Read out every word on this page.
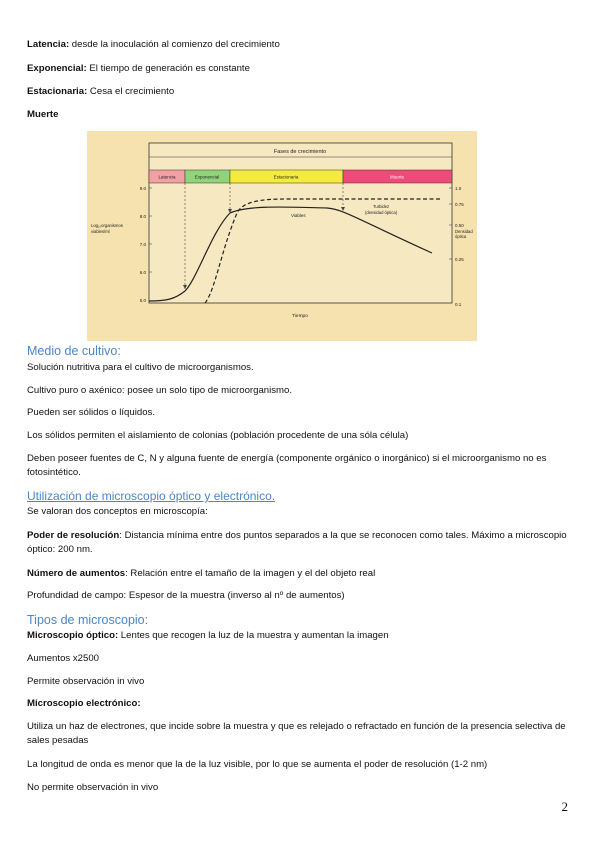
Latencia: desde la inoculación al comienzo del crecimiento

Exponencial: El tiempo de generación es constante

Estacionaria: Cesa el crecimiento

Muerte

Fases de crecimiento
Latencia	Exponencial	Estacionaria	Muerte
9.0
8.0
7.0
6.0
5.0
Log₁₀organismos
viables/ml
1.0
0.75
0.50
0.25
0.1
Densidad
óptica
Viables
Turbidez
(densidad óptica)
Tiempo

Medio de cultivo:

Solución nutritiva para el cultivo de microorganismos.

Cultivo puro o axénico: posee un solo tipo de microorganismo.

Pueden ser sólidos o líquidos.

Los sólidos permiten el aislamiento de colonias (población procedente de una sóla célula)

Deben poseer fuentes de C, N y alguna fuente de energía (componente orgánico o inorgánico) si el microorganismo no es fotosintético.

Utilización de microscopio óptico y electrónico.

Se valoran dos conceptos en microscopía:

Poder de resolución: Distancia mínima entre dos puntos separados a la que se reconocen como tales. Máximo a microscopio óptico: 200 nm.

Número de aumentos: Relación entre el tamaño de la imagen y el del objeto real

Profundidad de campo: Espesor de la muestra (inverso al nº de aumentos)

Tipos de microscopio:

Microscopio óptico: Lentes que recogen la luz de la muestra y aumentan la imagen

Aumentos x2500

Permite observación in vivo

Microscopio electrónico:

Utiliza un haz de electrones, que incide sobre la muestra y que es relejado o refractado en función de la presencia selectiva de sales pesadas

La longitud de onda es menor que la de la luz visible, por lo que se aumenta el poder de resolución (1-2 nm)

No permite observación in vivo

2
